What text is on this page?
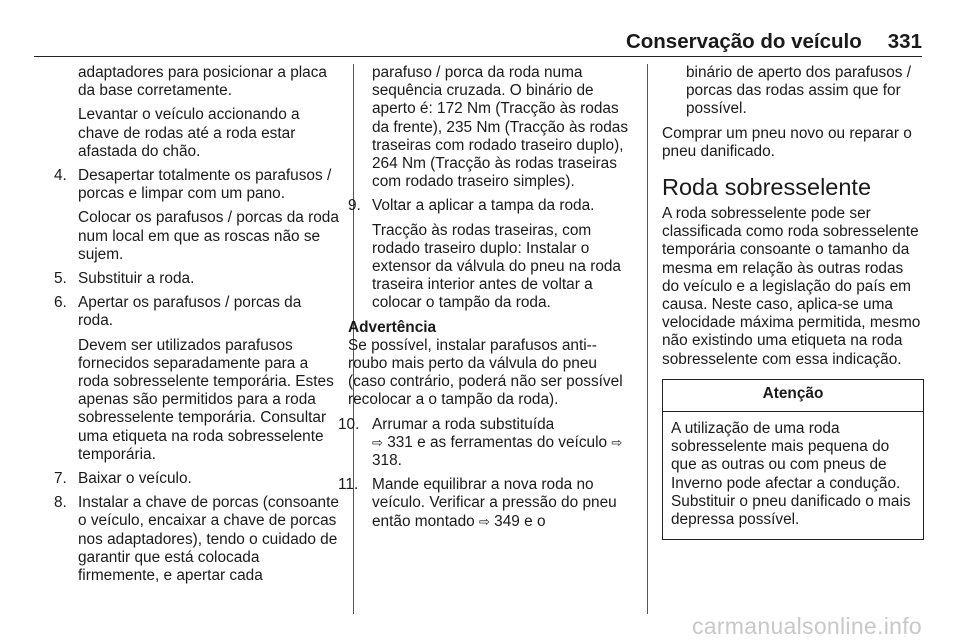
Conservação do veículo 331

adaptadores para posicionar a placa da base corretamente.

Levantar o veículo accionando a chave de rodas até a roda estar afastada do chão.

4. Desapertar totalmente os parafusos / porcas e limpar com um pano.

Colocar os parafusos / porcas da roda num local em que as roscas não se sujem.

5. Substituir a roda.

6. Apertar os parafusos / porcas da roda.

Devem ser utilizados parafusos fornecidos separadamente para a roda sobresselente temporária. Estes apenas são permitidos para a roda sobresselente temporária. Consultar uma etiqueta na roda sobresselente temporária.

7. Baixar o veículo.

8. Instalar a chave de porcas (consoante o veículo, encaixar a chave de porcas nos adaptadores), tendo o cuidado de garantir que está colocada firmemente, e apertar cada

parafuso / porca da roda numa sequência cruzada. O binário de aperto é: 172 Nm (Tracção às rodas da frente), 235 Nm (Tracção às rodas traseiras com rodado traseiro duplo), 264 Nm (Tracção às rodas traseiras com rodado traseiro simples).

9. Voltar a aplicar a tampa da roda.

Tracção às rodas traseiras, com rodado traseiro duplo: Instalar o extensor da válvula do pneu na roda traseira interior antes de voltar a colocar o tampão da roda.

Advertência

Se possível, instalar parafusos anti--roubo mais perto da válvula do pneu (caso contrário, poderá não ser possível recolocar a o tampão da roda).

10. Arrumar a roda substituída
⇨ 331 e as ferramentas do veículo ⇨ 318.

11. Mande equilibrar a nova roda no veículo. Verificar a pressão do pneu então montado ⇨ 349 e o

binário de aperto dos parafusos / porcas das rodas assim que for possível.

Comprar um pneu novo ou reparar o pneu danificado.

Roda sobresselente

A roda sobresselente pode ser classificada como roda sobresselente temporária consoante o tamanho da mesma em relação às outras rodas do veículo e a legislação do país em causa. Neste caso, aplica-se uma velocidade máxima permitida, mesmo não existindo uma etiqueta na roda sobresselente com essa indicação.

Atenção
A utilização de uma roda sobresselente mais pequena do que as outras ou com pneus de Inverno pode afectar a condução. Substituir o pneu danificado o mais depressa possível.
carmanualsonline.info
